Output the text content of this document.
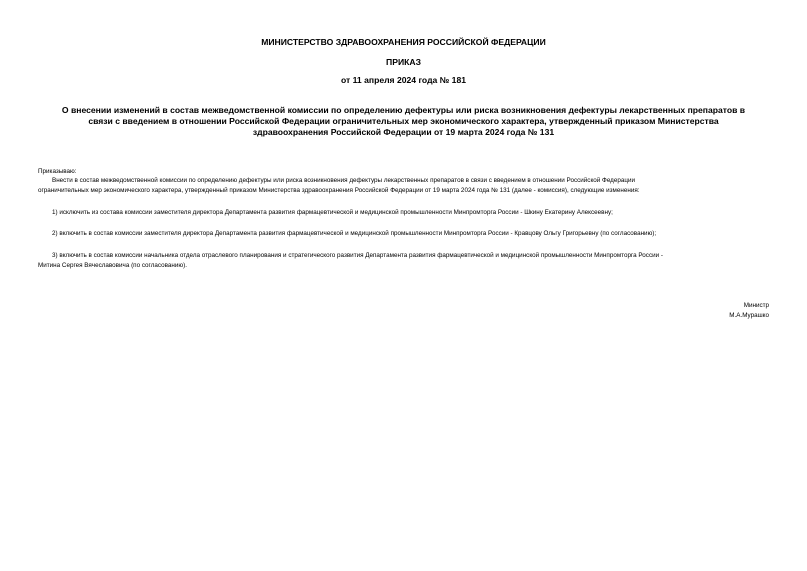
МИНИСТЕРСТВО ЗДРАВООХРАНЕНИЯ РОССИЙСКОЙ ФЕДЕРАЦИИ
ПРИКАЗ
от 11 апреля 2024 года № 181
О внесении изменений в состав межведомственной комиссии по определению дефектуры или риска возникновения дефектуры лекарственных препаратов в
связи с введением в отношении Российской Федерации ограничительных мер экономического характера, утвержденный приказом Министерства
здравоохранения Российской Федерации от 19 марта 2024 года № 131
Приказываю:
Внести в состав межведомственной комиссии по определению дефектуры или риска возникновения дефектуры лекарственных препаратов в связи с введением в отношении Российской Федерации
ограничительных мер экономического характера, утвержденный приказом Министерства здравоохранения Российской Федерации от 19 марта 2024 года № 131 (далее - комиссия), следующие изменения:
1) исключить из состава комиссии заместителя директора Департамента развития фармацевтической и медицинской промышленности Минпромторга России - Шкину Екатерину Алексеевну;
2) включить в состав комиссии заместителя директора Департамента развития фармацевтической и медицинской промышленности Минпромторга России - Кравцову Ольгу Григорьевну (по согласованию);
3) включить в состав комиссии начальника отдела отраслевого планирования и стратегического развития Департамента развития фармацевтической и медицинской промышленности Минпромторга России -
Митина Сергея Вячеславовича (по согласованию).
Министр
М.А.Мурашко
